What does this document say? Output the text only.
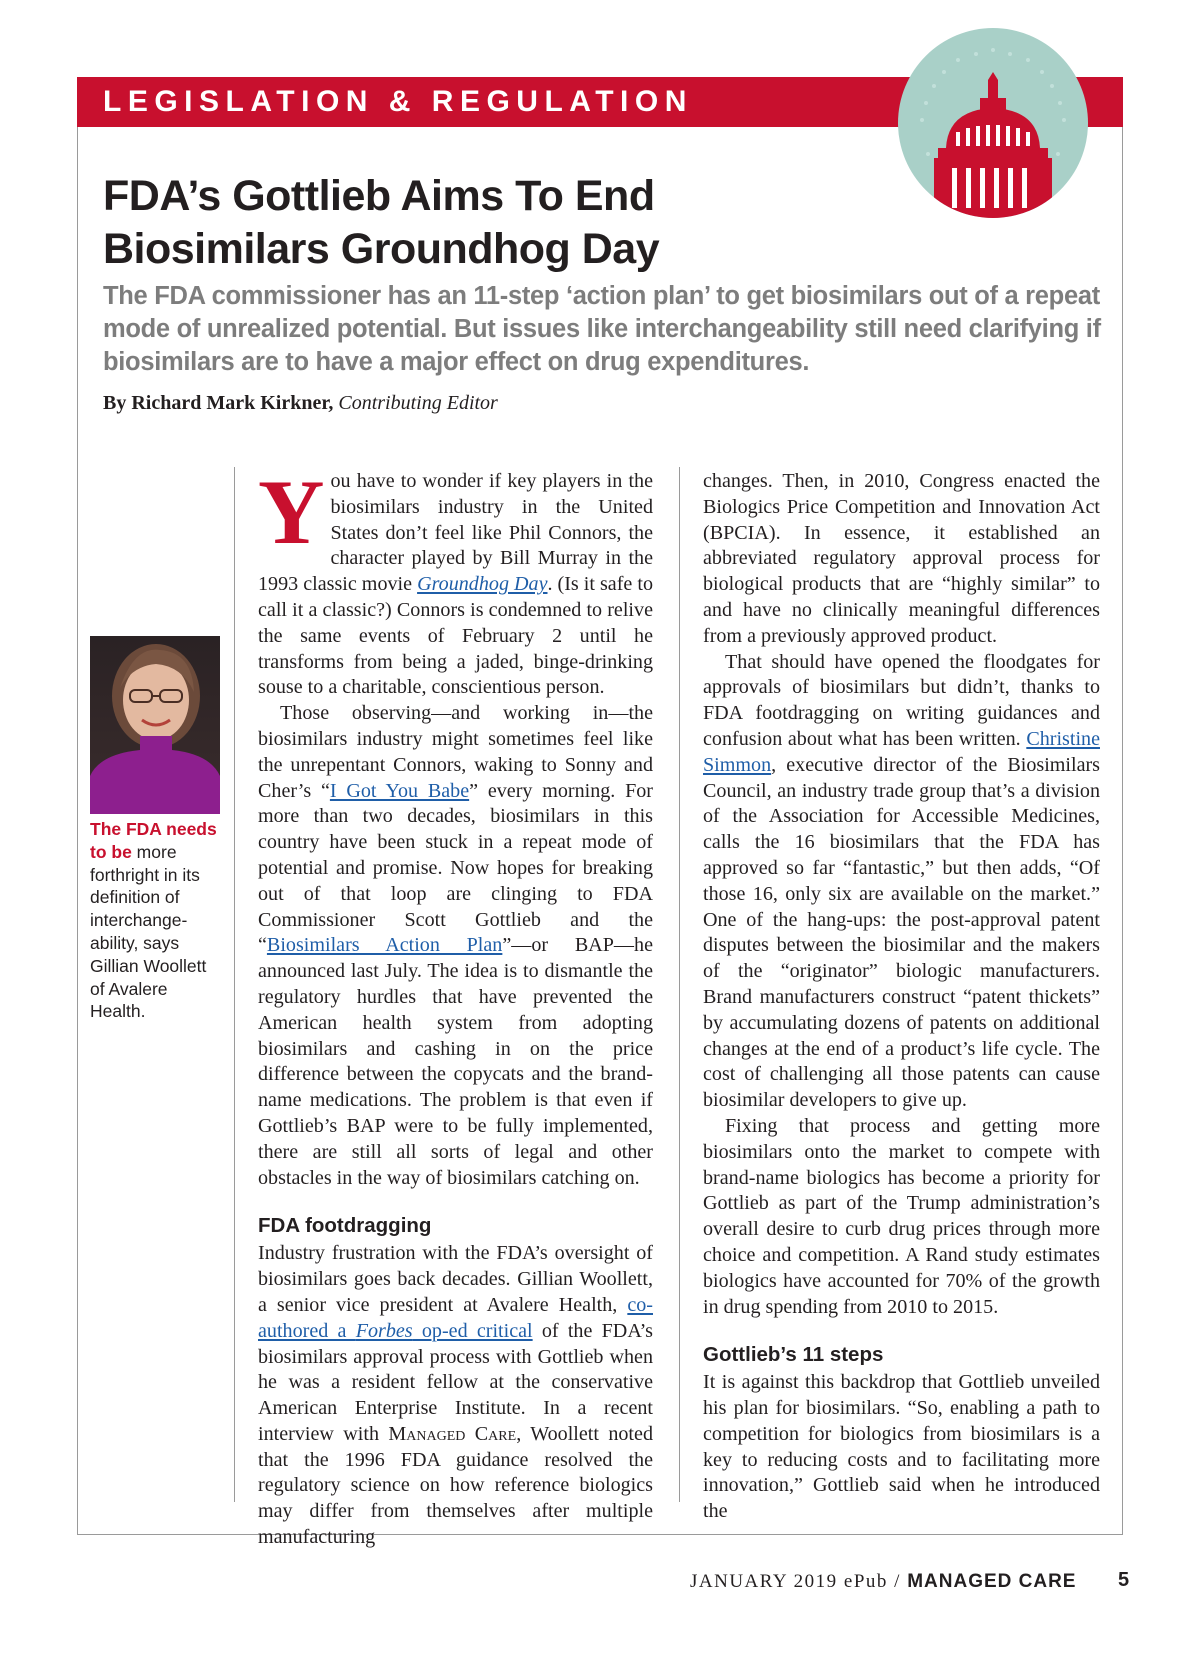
LEGISLATION & REGULATION
FDA’s Gottlieb Aims To End
Biosimilars Groundhog Day
The FDA commissioner has an 11-step ‘action plan’ to get biosimilars out of a repeat mode of unrealized potential. But issues like interchangeability still need clarifying if biosimilars are to have a major effect on drug expenditures.
By Richard Mark Kirkner, Contributing Editor
The FDA needs to be more forthright in its definition of interchange-ability, says Gillian Woollett of Avalere Health.

You have to wonder if key players in the biosimilars industry in the United States don’t feel like Phil Connors, the character played by Bill Murray in the 1993 classic movie Groundhog Day. (Is it safe to call it a classic?) Connors is condemned to relive the same events of February 2 until he transforms from being a jaded, binge-drinking souse to a charitable, conscientious person.

Those observing—and working in—the biosimilars industry might sometimes feel like the unrepentant Connors, waking to Sonny and Cher’s “I Got You Babe” every morning. For more than two decades, biosimilars in this country have been stuck in a repeat mode of potential and promise. Now hopes for breaking out of that loop are clinging to FDA Commissioner Scott Gottlieb and the “Biosimilars Action Plan”—or BAP—he announced last July. The idea is to dismantle the regulatory hurdles that have prevented the American health system from adopting biosimilars and cashing in on the price difference between the copycats and the brand-name medications. The problem is that even if Gottlieb’s BAP were to be fully implemented, there are still all sorts of legal and other obstacles in the way of biosimilars catching on.

FDA footdragging

Industry frustration with the FDA’s oversight of biosimilars goes back decades. Gillian Woollett, a senior vice president at Avalere Health, co-authored a Forbes op-ed critical of the FDA’s biosimilars approval process with Gottlieb when he was a resident fellow at the conservative American Enterprise Institute. In a recent interview with Managed Care, Woollett noted that the 1996 FDA guidance resolved the regulatory science on how reference biologics may differ from themselves after multiple manufacturing

changes. Then, in 2010, Congress enacted the Biologics Price Competition and Innovation Act (BPCIA). In essence, it established an abbreviated regulatory approval process for biological products that are “highly similar” to and have no clinically meaningful differences from a previously approved product.

That should have opened the floodgates for approvals of biosimilars but didn’t, thanks to FDA footdragging on writing guidances and confusion about what has been written. Christine Simmon, executive director of the Biosimilars Council, an industry trade group that’s a division of the Association for Accessible Medicines, calls the 16 biosimilars that the FDA has approved so far “fantastic,” but then adds, “Of those 16, only six are available on the market.” One of the hang-ups: the post-approval patent disputes between the biosimilar and the makers of the “originator” biologic manufacturers. Brand manufacturers construct “patent thickets” by accumulating dozens of patents on additional changes at the end of a product’s life cycle. The cost of challenging all those patents can cause biosimilar developers to give up.

Fixing that process and getting more biosimilars onto the market to compete with brand-name biologics has become a priority for Gottlieb as part of the Trump administration’s overall desire to curb drug prices through more choice and competition. A Rand study estimates biologics have accounted for 70% of the growth in drug spending from 2010 to 2015.

Gottlieb’s 11 steps

It is against this backdrop that Gottlieb unveiled his plan for biosimilars. “So, enabling a path to competition for biologics from biosimilars is a key to reducing costs and to facilitating more innovation,” Gottlieb said when he introduced the

JANUARY 2019 ePub / MANAGED CARE 5
